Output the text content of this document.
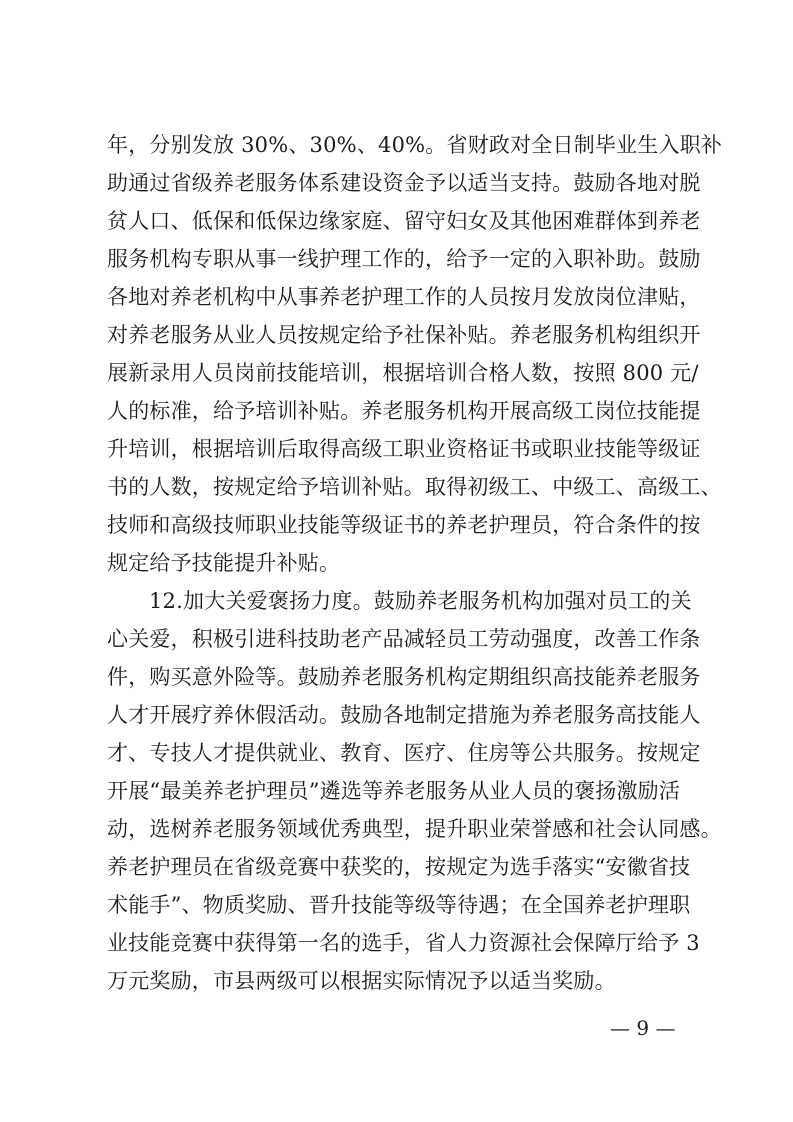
年，分别发放 30%、30%、40%。省财政对全日制毕业生入职补
助通过省级养老服务体系建设资金予以适当支持。鼓励各地对脱
贫人口、低保和低保边缘家庭、留守妇女及其他困难群体到养老
服务机构专职从事一线护理工作的，给予一定的入职补助。鼓励
各地对养老机构中从事养老护理工作的人员按月发放岗位津贴，
对养老服务从业人员按规定给予社保补贴。养老服务机构组织开
展新录用人员岗前技能培训，根据培训合格人数，按照 800 元/
人的标准，给予培训补贴。养老服务机构开展高级工岗位技能提
升培训，根据培训后取得高级工职业资格证书或职业技能等级证
书的人数，按规定给予培训补贴。取得初级工、中级工、高级工、
技师和高级技师职业技能等级证书的养老护理员，符合条件的按
规定给予技能提升补贴。
12.加大关爱褒扬力度。鼓励养老服务机构加强对员工的关
心关爱，积极引进科技助老产品减轻员工劳动强度，改善工作条
件，购买意外险等。鼓励养老服务机构定期组织高技能养老服务
人才开展疗养休假活动。鼓励各地制定措施为养老服务高技能人
才、专技人才提供就业、教育、医疗、住房等公共服务。按规定
开展“最美养老护理员”遴选等养老服务从业人员的褒扬激励活
动，选树养老服务领域优秀典型，提升职业荣誉感和社会认同感。
养老护理员在省级竞赛中获奖的，按规定为选手落实“安徽省技
术能手”、物质奖励、晋升技能等级等待遇；在全国养老护理职
— 9 —
业技能竞赛中获得第一名的选手，省人力资源社会保障厅给予 3
万元奖励，市县两级可以根据实际情况予以适当奖励。
